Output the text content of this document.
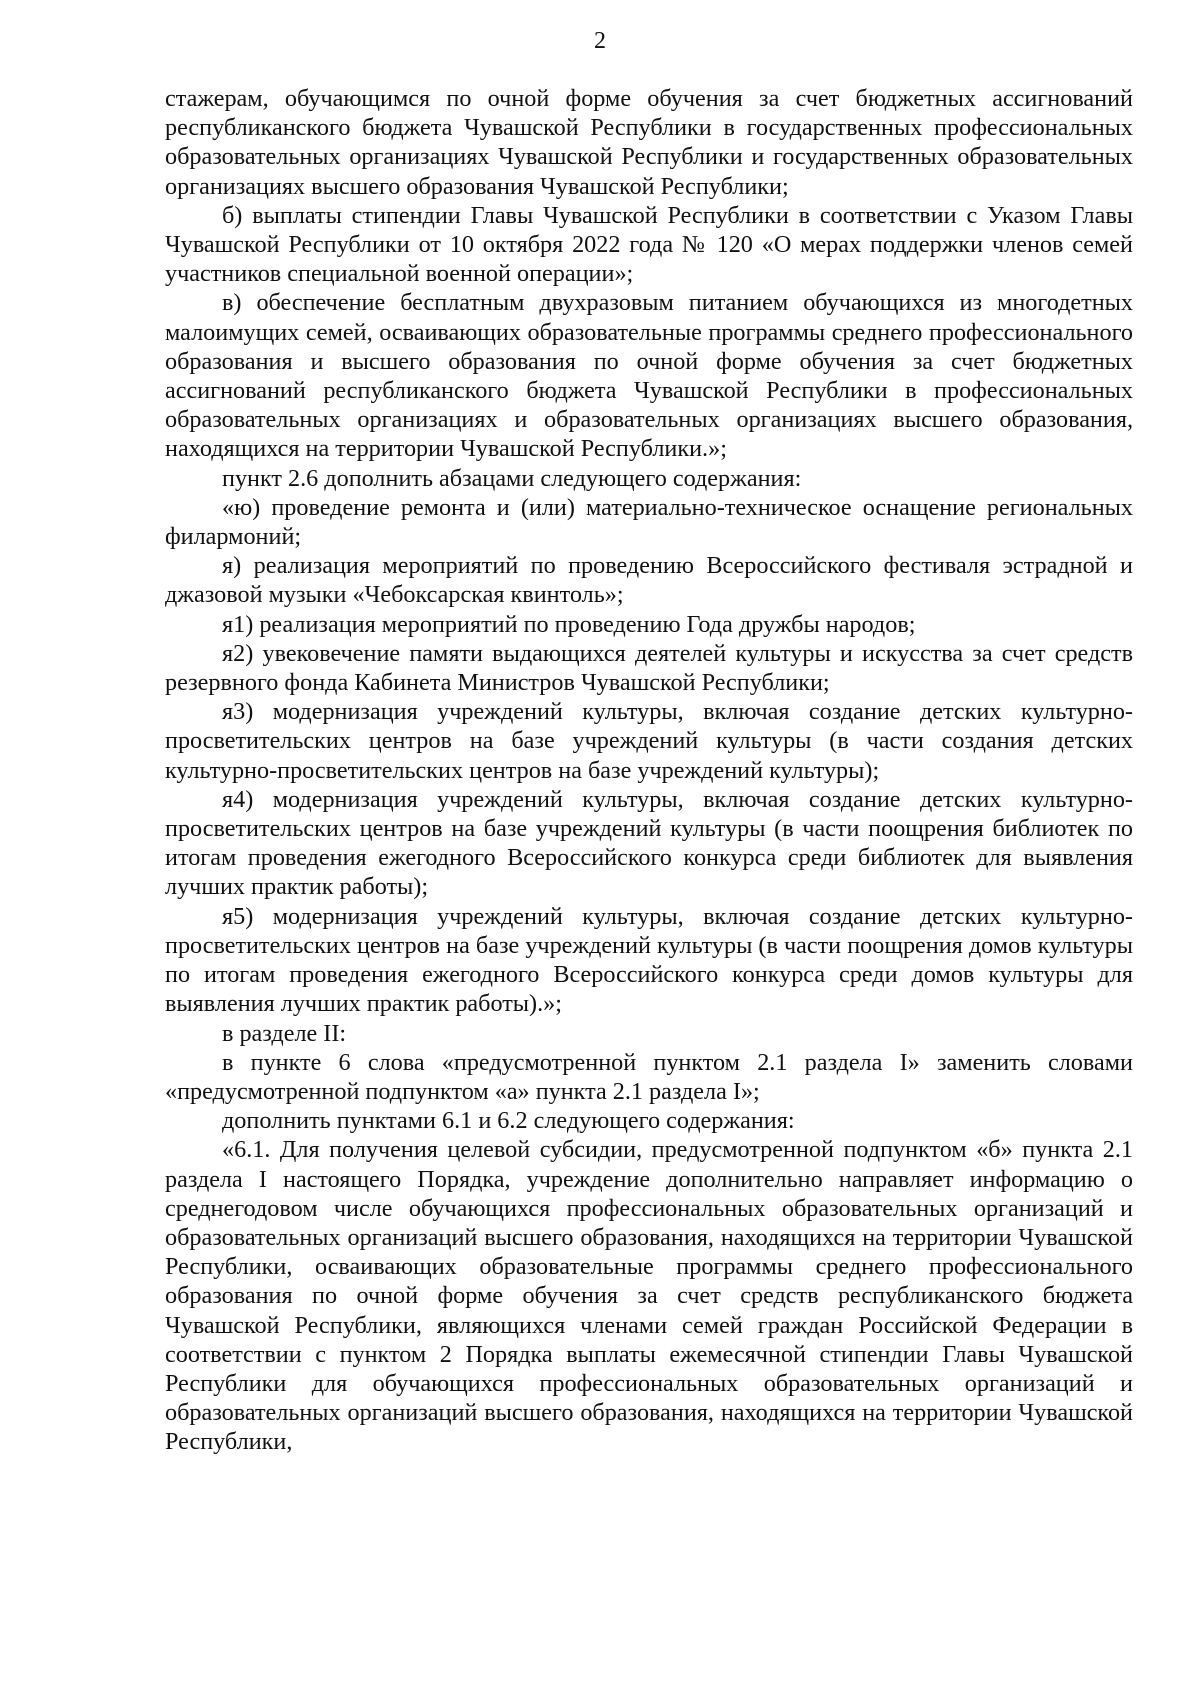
2

стажерам, обучающимся по очной форме обучения за счет бюджетных ассигнований республиканского бюджета Чувашской Республики в государственных профессиональных образовательных организациях Чувашской Республики и государственных образовательных организациях высшего образования Чувашской Республики;

б) выплаты стипендии Главы Чувашской Республики в соответствии с Указом Главы Чувашской Республики от 10 октября 2022 года № 120 «О мерах поддержки членов семей участников специальной военной операции»;

в) обеспечение бесплатным двухразовым питанием обучающихся из многодетных малоимущих семей, осваивающих образовательные программы среднего профессионального образования и высшего образования по очной форме обучения за счет бюджетных ассигнований республиканского бюджета Чувашской Республики в профессиональных образовательных организациях и образовательных организациях высшего образования, находящихся на территории Чувашской Республики.»;

пункт 2.6 дополнить абзацами следующего содержания:

«ю) проведение ремонта и (или) материально-техническое оснащение региональных филармоний;

я) реализация мероприятий по проведению Всероссийского фестиваля эстрадной и джазовой музыки «Чебоксарская квинтоль»;

я1) реализация мероприятий по проведению Года дружбы народов;

я2) увековечение памяти выдающихся деятелей культуры и искусства за счет средств резервного фонда Кабинета Министров Чувашской Республики;

я3) модернизация учреждений культуры, включая создание детских культурно-просветительских центров на базе учреждений культуры (в части создания детских культурно-просветительских центров на базе учреждений культуры);

я4) модернизация учреждений культуры, включая создание детских культурно-просветительских центров на базе учреждений культуры (в части поощрения библиотек по итогам проведения ежегодного Всероссийского конкурса среди библиотек для выявления лучших практик работы);

я5) модернизация учреждений культуры, включая создание детских культурно-просветительских центров на базе учреждений культуры (в части поощрения домов культуры по итогам проведения ежегодного Всероссийского конкурса среди домов культуры для выявления лучших практик работы).»;

в разделе II:

в пункте 6 слова «предусмотренной пунктом 2.1 раздела I» заменить словами «предусмотренной подпунктом «а» пункта 2.1 раздела I»;

дополнить пунктами 6.1 и 6.2 следующего содержания:

«6.1. Для получения целевой субсидии, предусмотренной подпунктом «б» пункта 2.1 раздела I настоящего Порядка, учреждение дополнительно направляет информацию о среднегодовом числе обучающихся профессиональных образовательных организаций и образовательных организаций высшего образования, находящихся на территории Чувашской Республики, осваивающих образовательные программы среднего профессионального образования по очной форме обучения за счет средств республиканского бюджета Чувашской Республики, являющихся членами семей граждан Российской Федерации в соответствии с пунктом 2 Порядка выплаты ежемесячной стипендии Главы Чувашской Республики для обучающихся профессиональных образовательных организаций и образовательных организаций высшего образования, находящихся на территории Чувашской Республики,
